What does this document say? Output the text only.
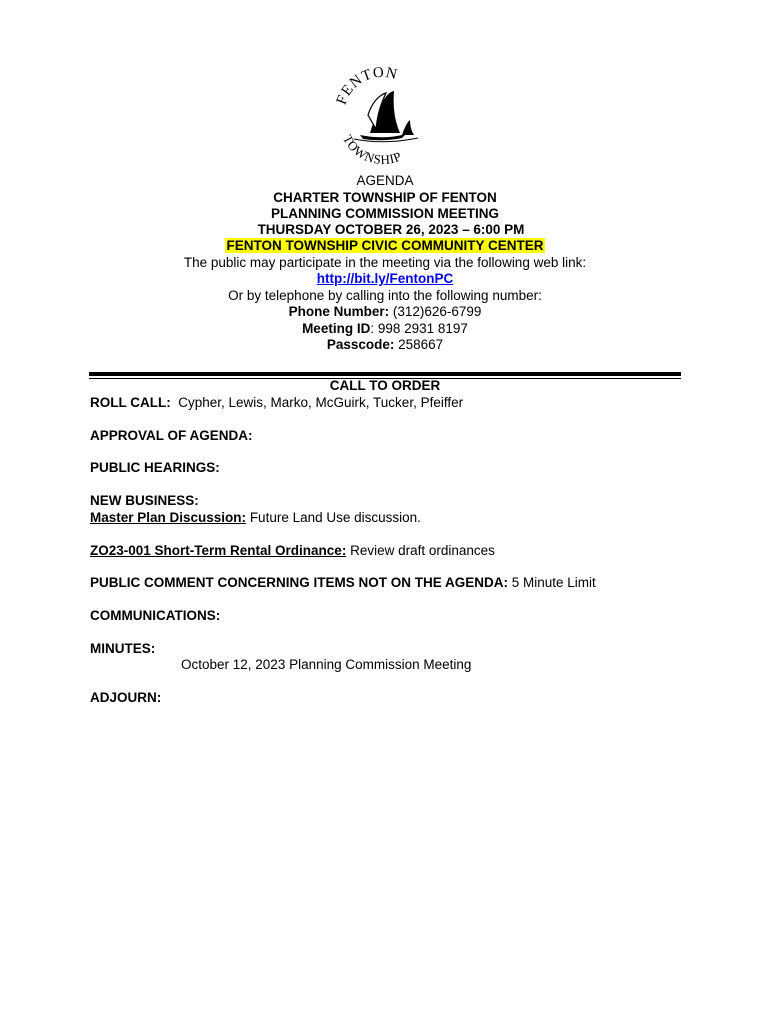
FENTON
TOWNSHIP
AGENDA
CHARTER TOWNSHIP OF FENTON
PLANNING COMMISSION MEETING
THURSDAY OCTOBER 26, 2023 – 6:00 PM
FENTON TOWNSHIP CIVIC COMMUNITY CENTER
The public may participate in the meeting via the following web link:
http://bit.ly/FentonPC
Or by telephone by calling into the following number:
Phone Number: (312)626-6799
Meeting ID: 998 2931 8197
Passcode: 258667
CALL TO ORDER
ROLL CALL:  Cypher, Lewis, Marko, McGuirk, Tucker, Pfeiffer
APPROVAL OF AGENDA:
PUBLIC HEARINGS:
NEW BUSINESS:
Master Plan Discussion: Future Land Use discussion.
ZO23-001 Short-Term Rental Ordinance: Review draft ordinances
PUBLIC COMMENT CONCERNING ITEMS NOT ON THE AGENDA: 5 Minute Limit
COMMUNICATIONS:
MINUTES:
October 12, 2023 Planning Commission Meeting
ADJOURN:
